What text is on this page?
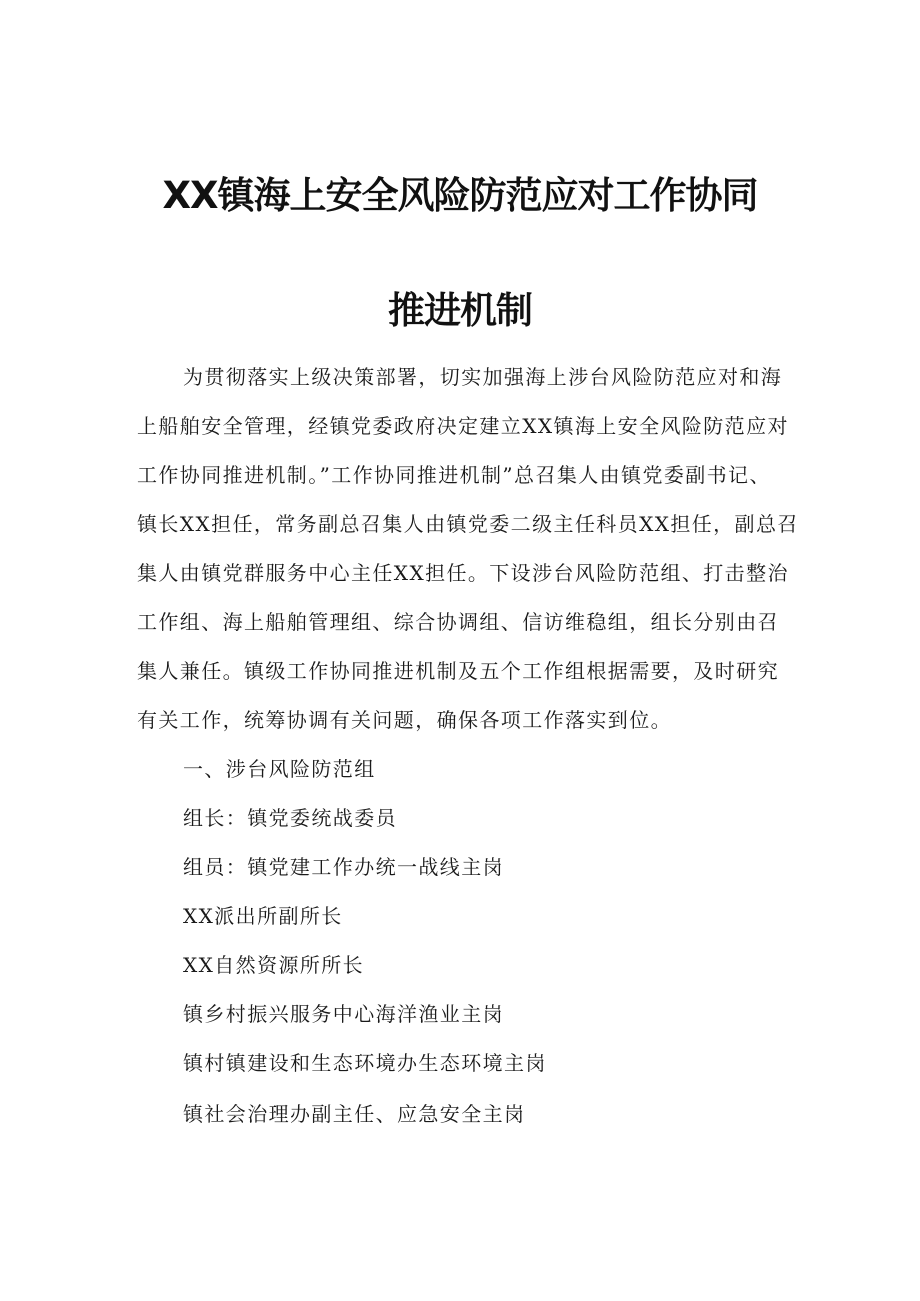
XX镇海上安全风险防范应对工作协同
推进机制
为贯彻落实上级决策部署，切实加强海上涉台风险防范应对和海
上船舶安全管理，经镇党委政府决定建立XX镇海上安全风险防范应对
工作协同推进机制。”工作协同推进机制”总召集人由镇党委副书记、
镇长XX担任，常务副总召集人由镇党委二级主任科员XX担任，副总召
集人由镇党群服务中心主任XX担任。下设涉台风险防范组、打击整治
工作组、海上船舶管理组、综合协调组、信访维稳组，组长分别由召
集人兼任。镇级工作协同推进机制及五个工作组根据需要，及时研究
有关工作，统筹协调有关问题，确保各项工作落实到位。
一、涉台风险防范组
组长：镇党委统战委员
组员：镇党建工作办统一战线主岗
XX派出所副所长
XX自然资源所所长
镇乡村振兴服务中心海洋渔业主岗
镇村镇建设和生态环境办生态环境主岗
镇社会治理办副主任、应急安全主岗
